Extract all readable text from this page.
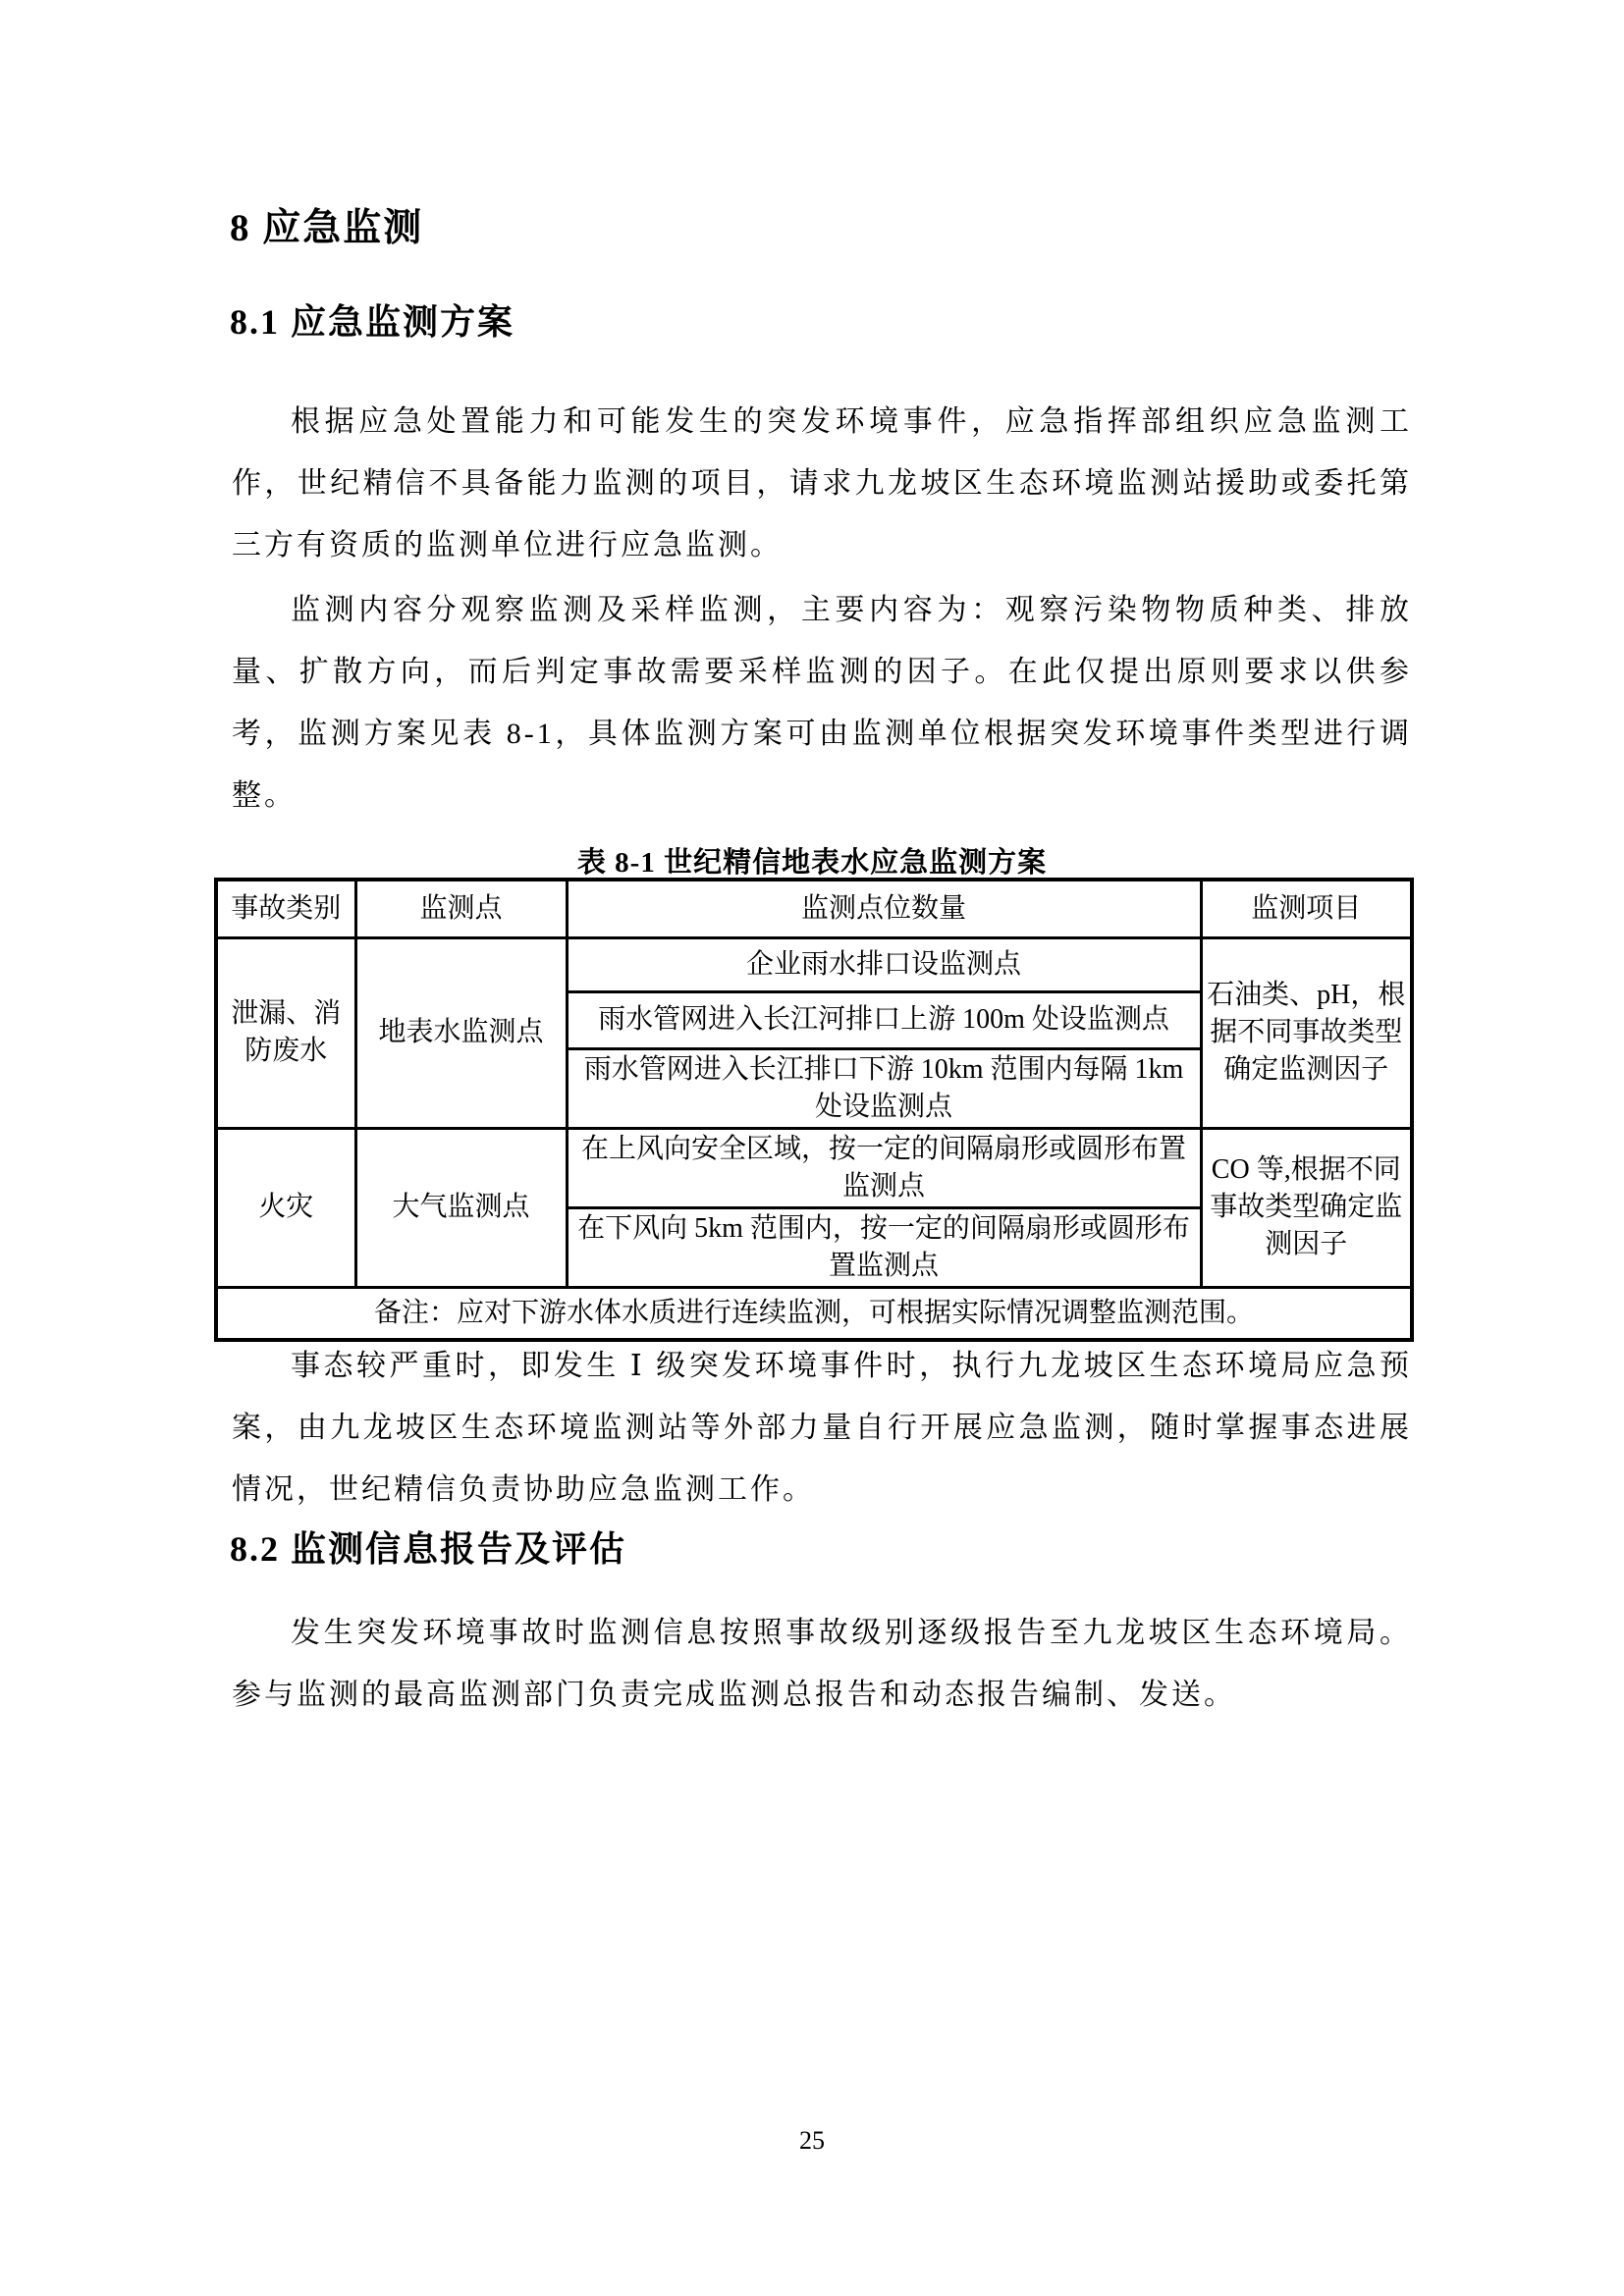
8 应急监测
8.1 应急监测方案
根据应急处置能力和可能发生的突发环境事件，应急指挥部组织应急监测工作，世纪精信不具备能力监测的项目，请求九龙坡区生态环境监测站援助或委托第三方有资质的监测单位进行应急监测。
监测内容分观察监测及采样监测，主要内容为：观察污染物物质种类、排放量、扩散方向，而后判定事故需要采样监测的因子。在此仅提出原则要求以供参考，监测方案见表 8-1，具体监测方案可由监测单位根据突发环境事件类型进行调整。
表 8-1 世纪精信地表水应急监测方案
事故类别	监测点	监测点位数量	监测项目
泄漏、消防废水	地表水监测点	企业雨水排口设监测点	石油类、pH，根据不同事故类型确定监测因子
		雨水管网进入长江河排口上游 100m 处设监测点	
		雨水管网进入长江排口下游 10km 范围内每隔 1km 处设监测点	
火灾	大气监测点	在上风向安全区域，按一定的间隔扇形或圆形布置监测点	CO 等,根据不同事故类型确定监测因子
		在下风向 5km 范围内，按一定的间隔扇形或圆形布置监测点	
备注：应对下游水体水质进行连续监测，可根据实际情况调整监测范围。			
事态较严重时，即发生 Ⅰ 级突发环境事件时，执行九龙坡区生态环境局应急预案，由九龙坡区生态环境监测站等外部力量自行开展应急监测，随时掌握事态进展情况，世纪精信负责协助应急监测工作。
8.2 监测信息报告及评估
发生突发环境事故时监测信息按照事故级别逐级报告至九龙坡区生态环境局。参与监测的最高监测部门负责完成监测总报告和动态报告编制、发送。
25
